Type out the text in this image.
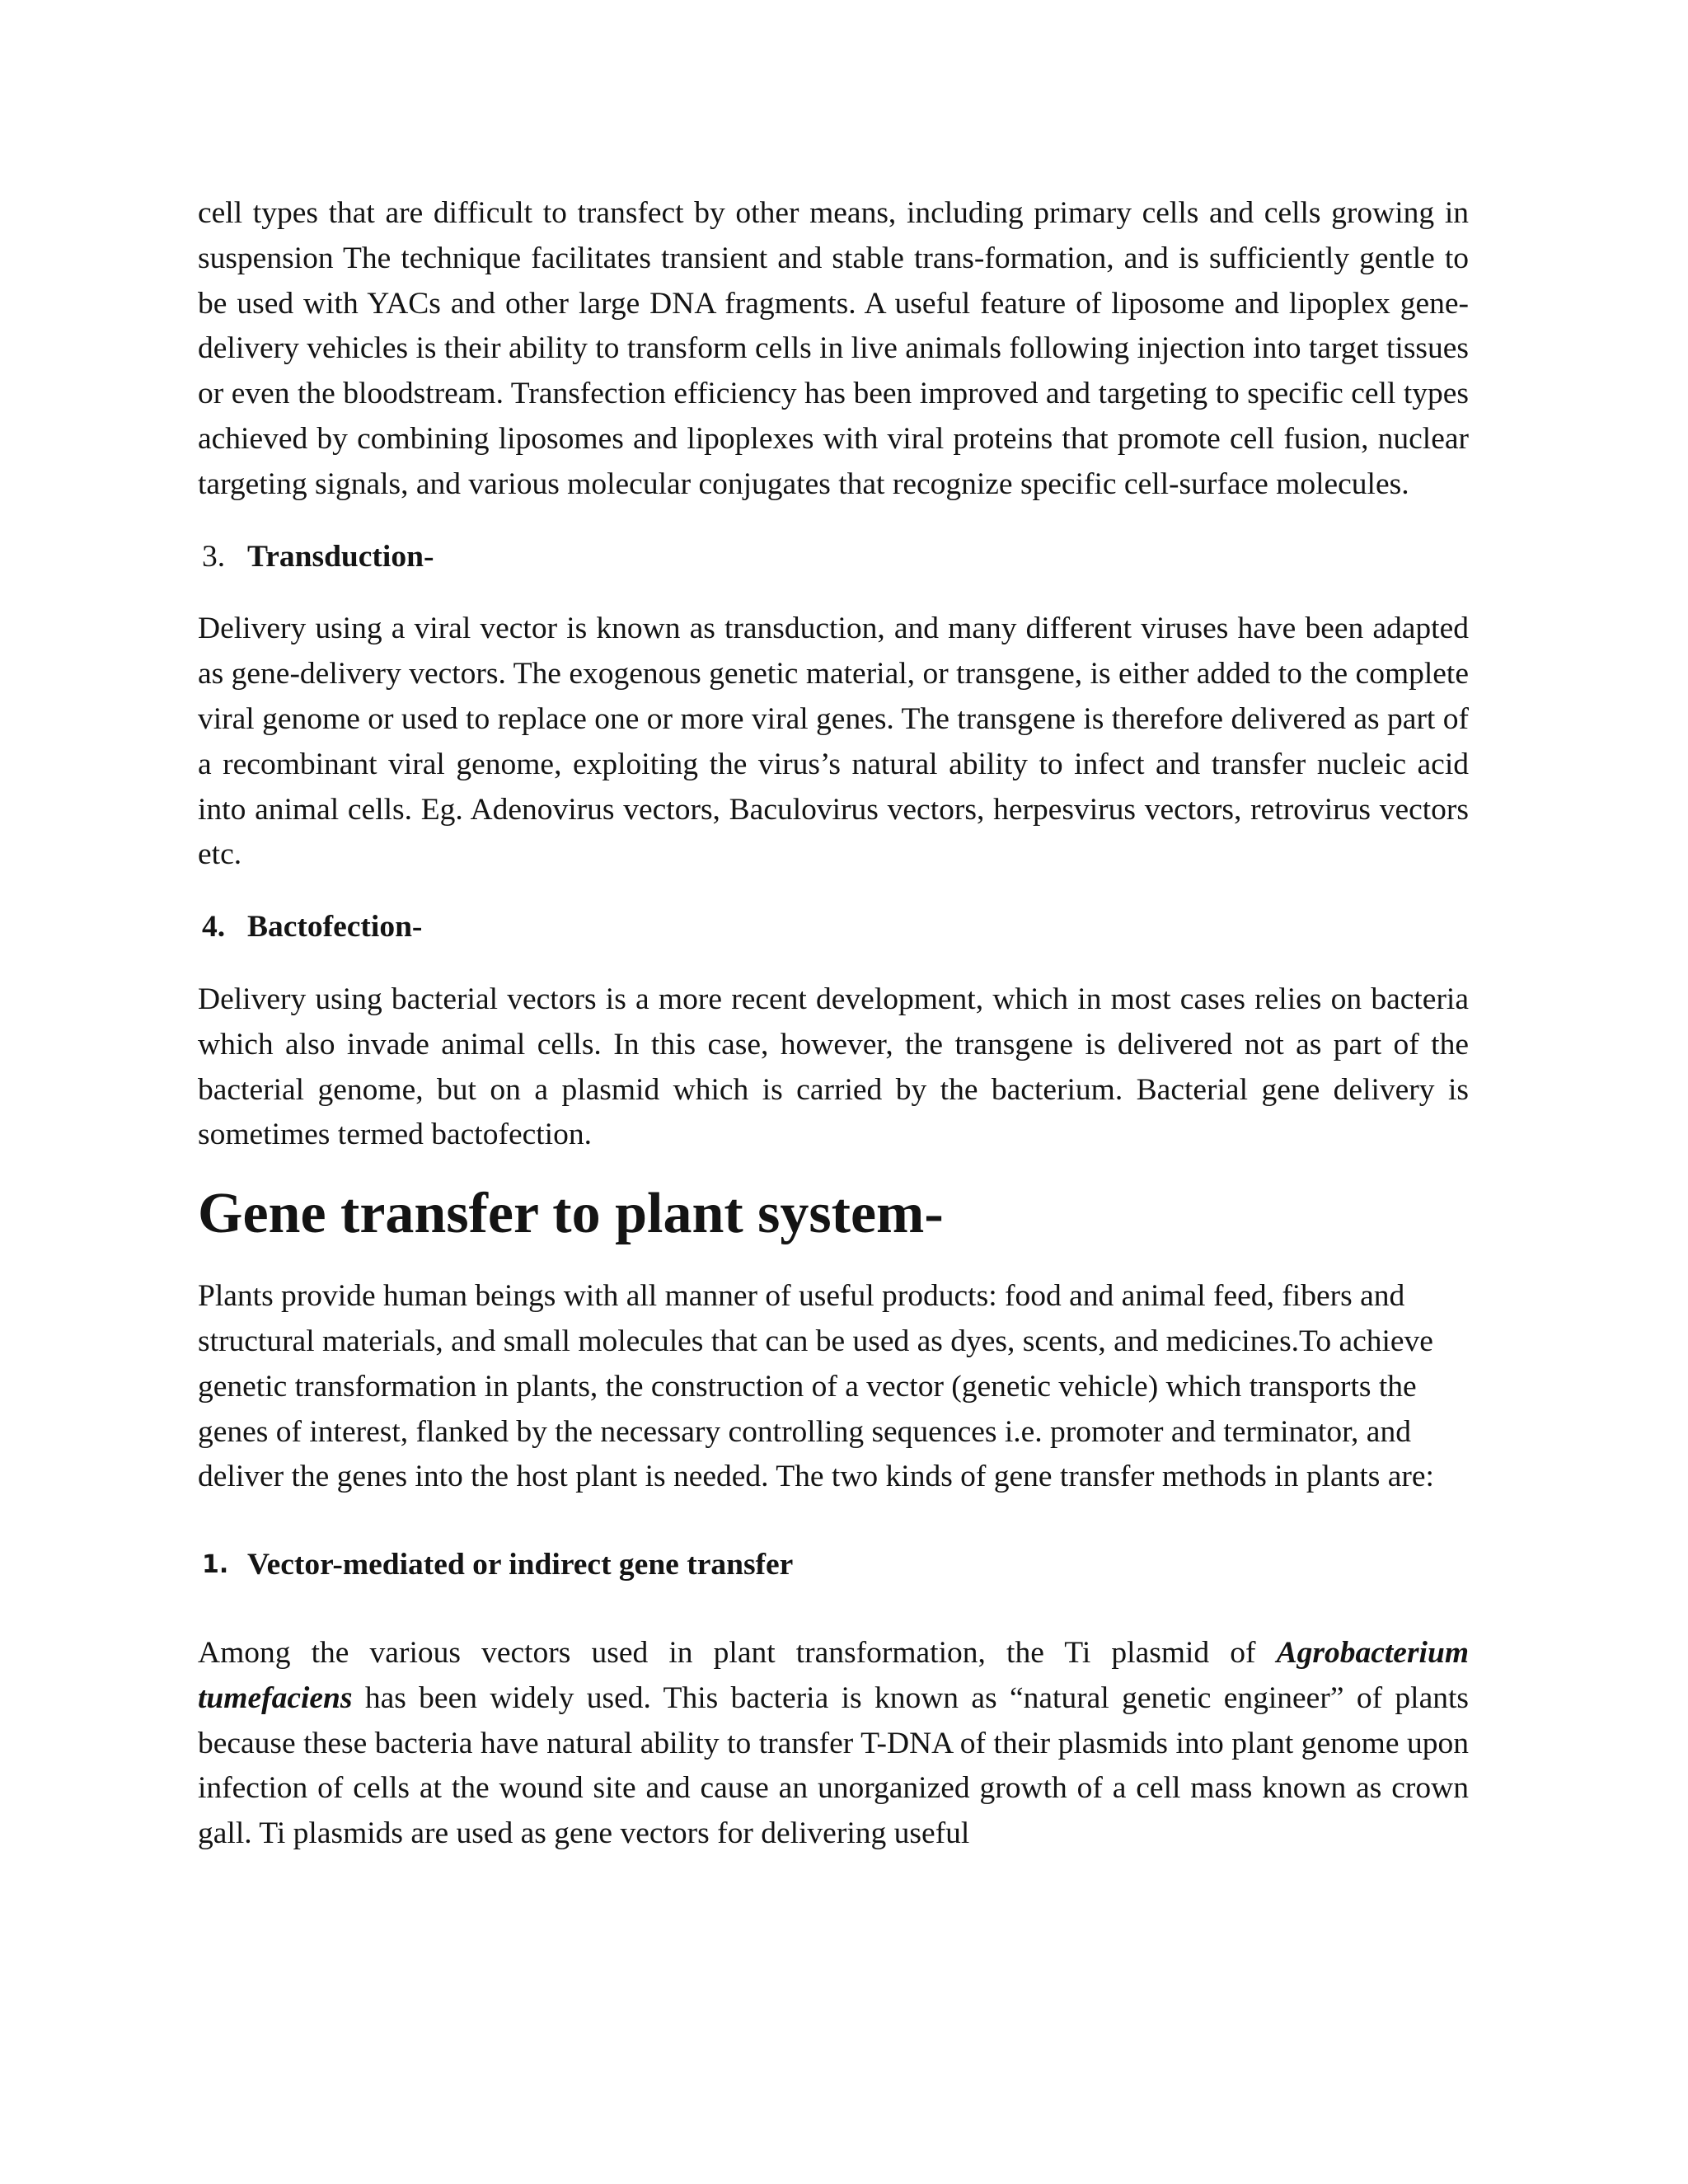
cell types that are difficult to transfect by other means, including primary cells and cells growing in suspension The technique facilitates transient and stable trans-formation, and is sufficiently gentle to be used with YACs and other large DNA fragments. A useful feature of liposome and lipoplex gene-delivery vehicles is their ability to transform cells in live animals following injection into target tissues or even the bloodstream. Transfection efficiency has been improved and targeting to specific cell types achieved by combining liposomes and lipoplexes with viral proteins that promote cell fusion, nuclear targeting signals, and various molecular conjugates that recognize specific cell-surface molecules.

3. Transduction-

Delivery using a viral vector is known as transduction, and many different viruses have been adapted as gene-delivery vectors. The exogenous genetic material, or transgene, is either added to the complete viral genome or used to replace one or more viral genes. The transgene is therefore delivered as part of a recombinant viral genome, exploiting the virus’s natural ability to infect and transfer nucleic acid into animal cells. Eg. Adenovirus vectors, Baculovirus vectors, herpesvirus vectors, retrovirus vectors etc.

4. Bactofection-

Delivery using bacterial vectors is a more recent development, which in most cases relies on bacteria which also invade animal cells. In this case, however, the transgene is delivered not as part of the bacterial genome, but on a plasmid which is carried by the bacterium. Bacterial gene delivery is sometimes termed bactofection.

Gene transfer to plant system-

Plants provide human beings with all manner of useful products: food and animal feed, fibers and structural materials, and small molecules that can be used as dyes, scents, and medicines.To achieve genetic transformation in plants, the construction of a vector (genetic vehicle) which transports the genes of interest, flanked by the necessary controlling sequences i.e. promoter and terminator, and deliver the genes into the host plant is needed. The two kinds of gene transfer methods in plants are:

1. Vector-mediated or indirect gene transfer

Among the various vectors used in plant transformation, the Ti plasmid of Agrobacterium tumefaciens has been widely used. This bacteria is known as “natural genetic engineer” of plants because these bacteria have natural ability to transfer T-DNA of their plasmids into plant genome upon infection of cells at the wound site and cause an unorganized growth of a cell mass known as crown gall. Ti plasmids are used as gene vectors for delivering useful
